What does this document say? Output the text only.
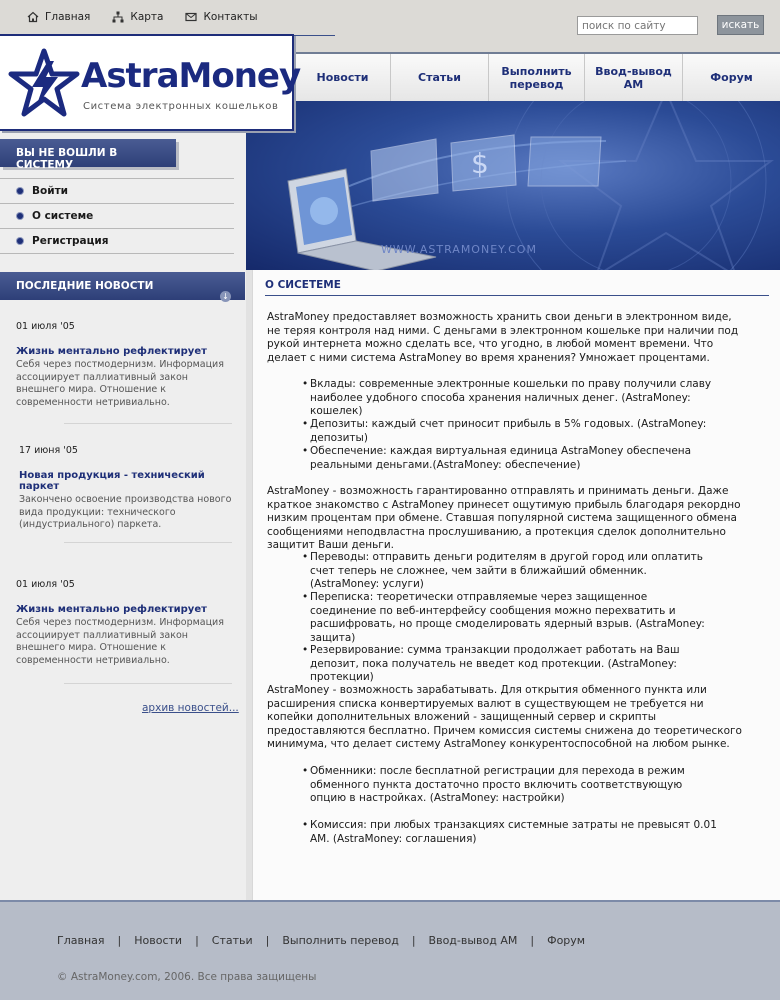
Главная	Карта	Контакты
поиск по сайту
искать
AstraMoney
Система электронных кошельков
Новости	Статьи	Выполнить перевод
Ввод-вывод АМ	Форум
$
WWW.ASTRAMONEY.COM
ВЫ НЕ ВОШЛИ В СИСТЕМУ
Войти
О системе
Регистрация
ПОСЛЕДНИЕ НОВОСТИ
↓
01 июля '05
Жизнь ментально рефлектирует
Себя через постмодернизм. Информация ассоциирует паллиативный закон внешнего мира. Отношение к современности нетривиально.
17 июня '05
Новая продукция - технический паркет
Закончено освоение производства нового вида продукции: технического (индустриального) паркета.
01 июля '05
Жизнь ментально рефлектирует
Себя через постмодернизм. Информация ассоциирует паллиативный закон внешнего мира. Отношение к современности нетривиально.
архив новостей...
О СИСЕТЕМЕ
AstraMoney предоставляет возможность хранить свои деньги в электронном виде, не теряя контроля над ними. С деньгами в электронном кошельке при наличии под рукой интернета можно сделать все, что угодно, в любой момент времени. Что делает с ними система AstraMoney во время хранения? Умножает процентами.
• Вклады: современные электронные кошельки по праву получили славу наиболее удобного способа хранения наличных денег. (AstraMoney: кошелек)
• Депозиты: каждый счет приносит прибыль в 5% годовых. (AstraMoney: депозиты)
• Обеспечение: каждая виртуальная единица AstraMoney обеспечена реальными деньгами.(AstraMoney: обеспечение)
AstraMoney - возможность гарантированно отправлять и принимать деньги. Даже краткое знакомство с AstraMoney принесет ощутимую прибыль благодаря рекордно низким процентам при обмене. Ставшая популярной система защищенного обмена сообщениями неподвластна прослушиванию, а протекция сделок дополнительно защитит Ваши деньги.
• Переводы: отправить деньги родителям в другой город или оплатить счет теперь не сложнее, чем зайти в ближайший обменник. (AstraMoney: услуги)
• Переписка: теоретически отправляемые через защищенное соединение по веб-интерфейсу сообщения можно перехватить и расшифровать, но проще смоделировать ядерный взрыв. (AstraMoney: защита)
• Резервирование: сумма транзакции продолжает работать на Ваш депозит, пока получатель не введет код протекции. (AstraMoney: протекции)
AstraMoney - возможность зарабатывать. Для открытия обменного пункта или расширения списка конвертируемых валют в существующем не требуется ни копейки дополнительных вложений - защищенный сервер и скрипты предоставляются бесплатно. Причем комиссия системы снижена до теоретического минимума, что делает систему AstraMoney конкурентоспособной на любом рынке.
• Обменники: после бесплатной регистрации для перехода в режим обменного пункта достаточно просто включить соответствующую опцию в настройках. (AstraMoney: настройки)
• Комиссия: при любых транзакциях системные затраты не превысят 0.01 АМ. (AstraMoney: соглашения)
Главная | Новости | Статьи | Выполнить перевод | Ввод-вывод АМ | Форум
© AstraMoney.com, 2006. Все права защищены
